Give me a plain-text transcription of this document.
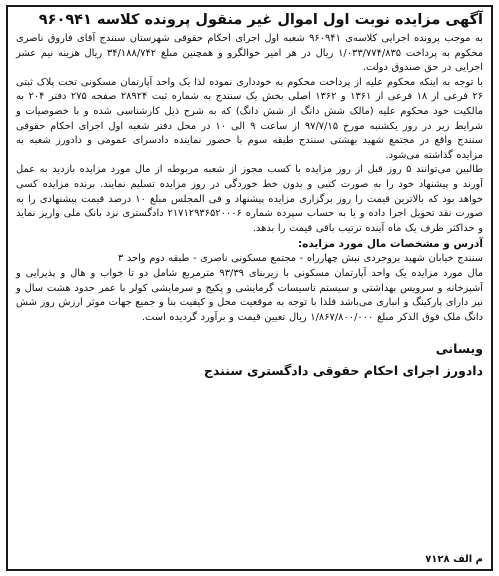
آگهی مزایده نوبت اول اموال غیر منقول پرونده کلاسه ۹۶۰۹۴۱

به موجب پرونده اجرایی کلاسه‌ی ۹۶۰۹۴۱ شعبه اول اجرای احکام حقوقی شهرستان سنندج آقای فاروق ناصری محکوم به پرداخت ۱/۰۳۳/۷۷۴/۸۳۵ ریال در هر امیر خوالگرو و همچنین مبلغ ۳۴/۱۸۸/۷۴۲ ریال هزینه نیم عشر اجرایی در حق صندوق دولت.

با توجه به اینکه محکوم علیه از پرداخت محکوم به خودداری نموده لذا یک واحد آپارتمان مسکونی تحت پلاک ثبتی ۲۶ فرعی از ۱۸ فرعی از ۱۳۶۱ و ۱۳۶۲ اصلی بخش یک سنندج به شماره ثبت ۲۸۹۲۴ صفحه ۲۷۵ دفتر ۲۰۴ به مالکیت خود محکوم علیه (مالک شش دانگ از شش دانگ) که به شرح ذیل کارشناسی شده و با خصوصیات و شرایط زیر در روز یکشنبه مورخ ۹۷/۷/۱۵ از ساعت ۹ الی ۱۰ در محل دفتر شعبه اول اجرای احکام حقوقی سنندج واقع در مجتمع شهید بهشتی سنندج طبقه سوم با حضور نماینده دادسرای عمومی و دادورز شعبه به مزایده گذاشته می‌شود.

طالبین می‌توانند ۵ روز قبل از روز مزایده با کسب مجوز از شعبه مربوطه از مال مورد مزایده بازدید به عمل آورند و پیشنهاد خود را به صورت کتبی و بدون خط خوردگی در روز مزایده تسلیم نمایند. برنده مزایده کسی خواهد بود که بالاترین قیمت را روز برگزاری مزایده پیشنهاد و فی المجلس مبلغ ۱۰ درصد قیمت پیشنهادی را به صورت نقد تحویل اجرا داده و یا به حساب سپرده شماره ۲۱۷۱۲۹۳۶۵۲۰۰۰۶ دادگستری نزد بانک ملی واریز نماید و حداکثر ظرف یک ماه آینده ترتیب باقی قیمت را بدهد.

آدرس و مشخصات مال مورد مزایده:

سنندج خیابان شهید بروجردی نبش چهارراه - مجتمع مسکونی ناصری - طبقه دوم واحد ۳

مال مورد مزایده یک واحد آپارتمان مسکونی با زیربنای ۹۳/۳۹ مترمربع شامل دو تا خواب و هال و پذیرایی و آشپزخانه و سرویس بهداشتی و سیستم تاسیسات گرمایشی و پکیج و سرمایشی کولر با عمر حدود هشت سال و نیز دارای پارکینگ و انباری می‌باشد فلذا با توجه به موقعیت محل و کیفیت بنا و جمیع جهات موثر ارزش روز شش دانگ ملک فوق الذکر مبلغ ۱/۸۶۷/۸۰۰/۰۰۰ ریال تعیین قیمت و برآورد گردیده است.

ویسانی
دادورز اجرای احکام حقوقی دادگستری سنندج
م الف ۷۱۲۸
